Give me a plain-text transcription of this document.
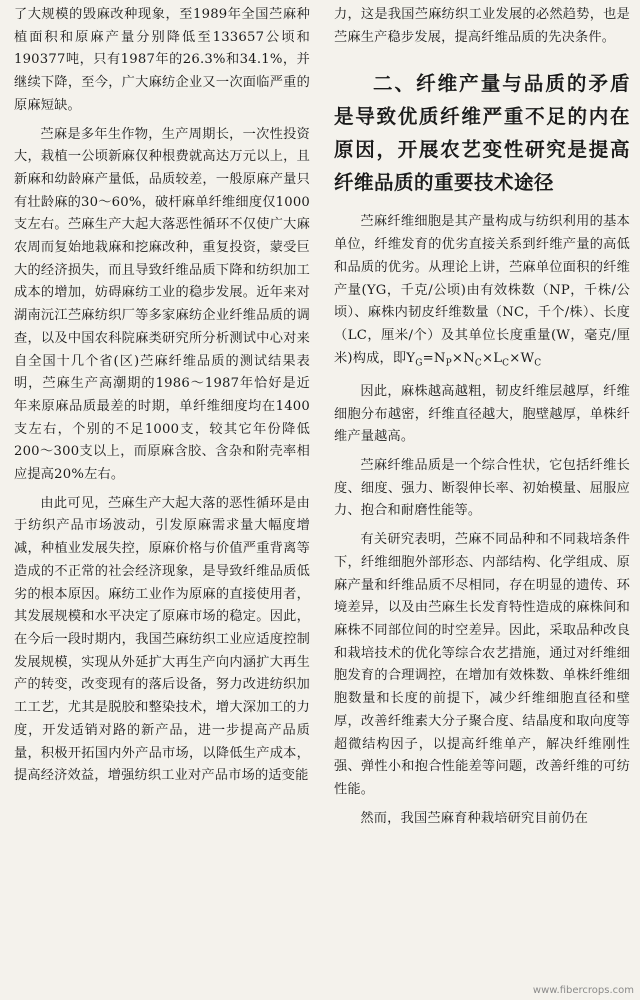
了大规模的毁麻改种现象，至1989年全国苎麻种植面积和原麻产量分别降低至133657公顷和190377吨，只有1987年的26.3%和34.1%，并继续下降，至今，广大麻纺企业又一次面临严重的原麻短缺。

苎麻是多年生作物，生产周期长，一次性投资大，栽植一公顷新麻仅种根费就高达万元以上，且新麻和幼龄麻产量低，品质较差，一般原麻产量只有壮龄麻的30～60%，破杆麻单纤维细度仅1000支左右。苎麻生产大起大落恶性循环不仅使广大麻农周而复始地栽麻和挖麻改种，重复投资，蒙受巨大的经济损失，而且导致纤维品质下降和纺织加工成本的增加，妨碍麻纺工业的稳步发展。近年来对湖南沅江苎麻纺织厂等多家麻纺企业纤维品质的调查，以及中国农科院麻类研究所分析测试中心对来自全国十几个省(区)苎麻纤维品质的测试结果表明，苎麻生产高潮期的1986～1987年恰好是近年来原麻品质最差的时期，单纤维细度均在1400支左右，个别的不足1000支，较其它年份降低200～300支以上，而原麻含胶、含杂和附壳率相应提高20%左右。

由此可见，苎麻生产大起大落的恶性循环是由于纺织产品市场波动，引发原麻需求量大幅度增减，种植业发展失控，原麻价格与价值严重背离等造成的不正常的社会经济现象，是导致纤维品质低劣的根本原因。麻纺工业作为原麻的直接使用者，其发展规模和水平决定了原麻市场的稳定。因此，在今后一段时期内，我国苎麻纺织工业应适度控制发展规模，实现从外延扩大再生产向内涵扩大再生产的转变，改变现有的落后设备，努力改进纺织加工工艺，尤其是脱胶和整染技术，增大深加工的力度，开发适销对路的新产品，进一步提高产品质量，积极开拓国内外产品市场，以降低生产成本，提高经济效益，增强纺织工业对产品市场的适变能

力，这是我国苎麻纺织工业发展的必然趋势，也是苎麻生产稳步发展，提高纤维品质的先决条件。

二、纤维产量与品质的矛盾是导致优质纤维严重不足的内在原因，开展农艺变性研究是提高纤维品质的重要技术途径

苎麻纤维细胞是其产量构成与纺织利用的基本单位，纤维发育的优劣直接关系到纤维产量的高低和品质的优劣。从理论上讲，苎麻单位面积的纤维产量(YG，千克/公顷)由有效株数（NP，千株/公顷）、麻株内韧皮纤维数量（NC，千个/株）、长度（LC，厘米/个）及其单位长度重量(W，毫克/厘米)构成，即$Y_G=N_P\times N_C\times L_C\times W_C$

因此，麻株越高越粗，韧皮纤维层越厚，纤维细胞分布越密，纤维直径越大，胞壁越厚，单株纤维产量越高。

苎麻纤维品质是一个综合性状，它包括纤维长度、细度、强力、断裂伸长率、初始模量、屈服应力、抱合和耐磨性能等。

有关研究表明，苎麻不同品种和不同栽培条件下，纤维细胞外部形态、内部结构、化学组成、原麻产量和纤维品质不尽相同，存在明显的遗传、环境差异，以及由苎麻生长发育特性造成的麻株间和麻株不同部位间的时空差异。因此，采取品种改良和栽培技术的优化等综合农艺措施，通过对纤维细胞发育的合理调控，在增加有效株数、单株纤维细胞数量和长度的前提下，减少纤维细胞直径和壁厚，改善纤维素大分子聚合度、结晶度和取向度等超微结构因子，以提高纤维单产，解决纤维刚性强、弹性小和抱合性能差等问题，改善纤维的可纺性能。

然而，我国苎麻育种栽培研究目前仍在

www.fibercrops.com
